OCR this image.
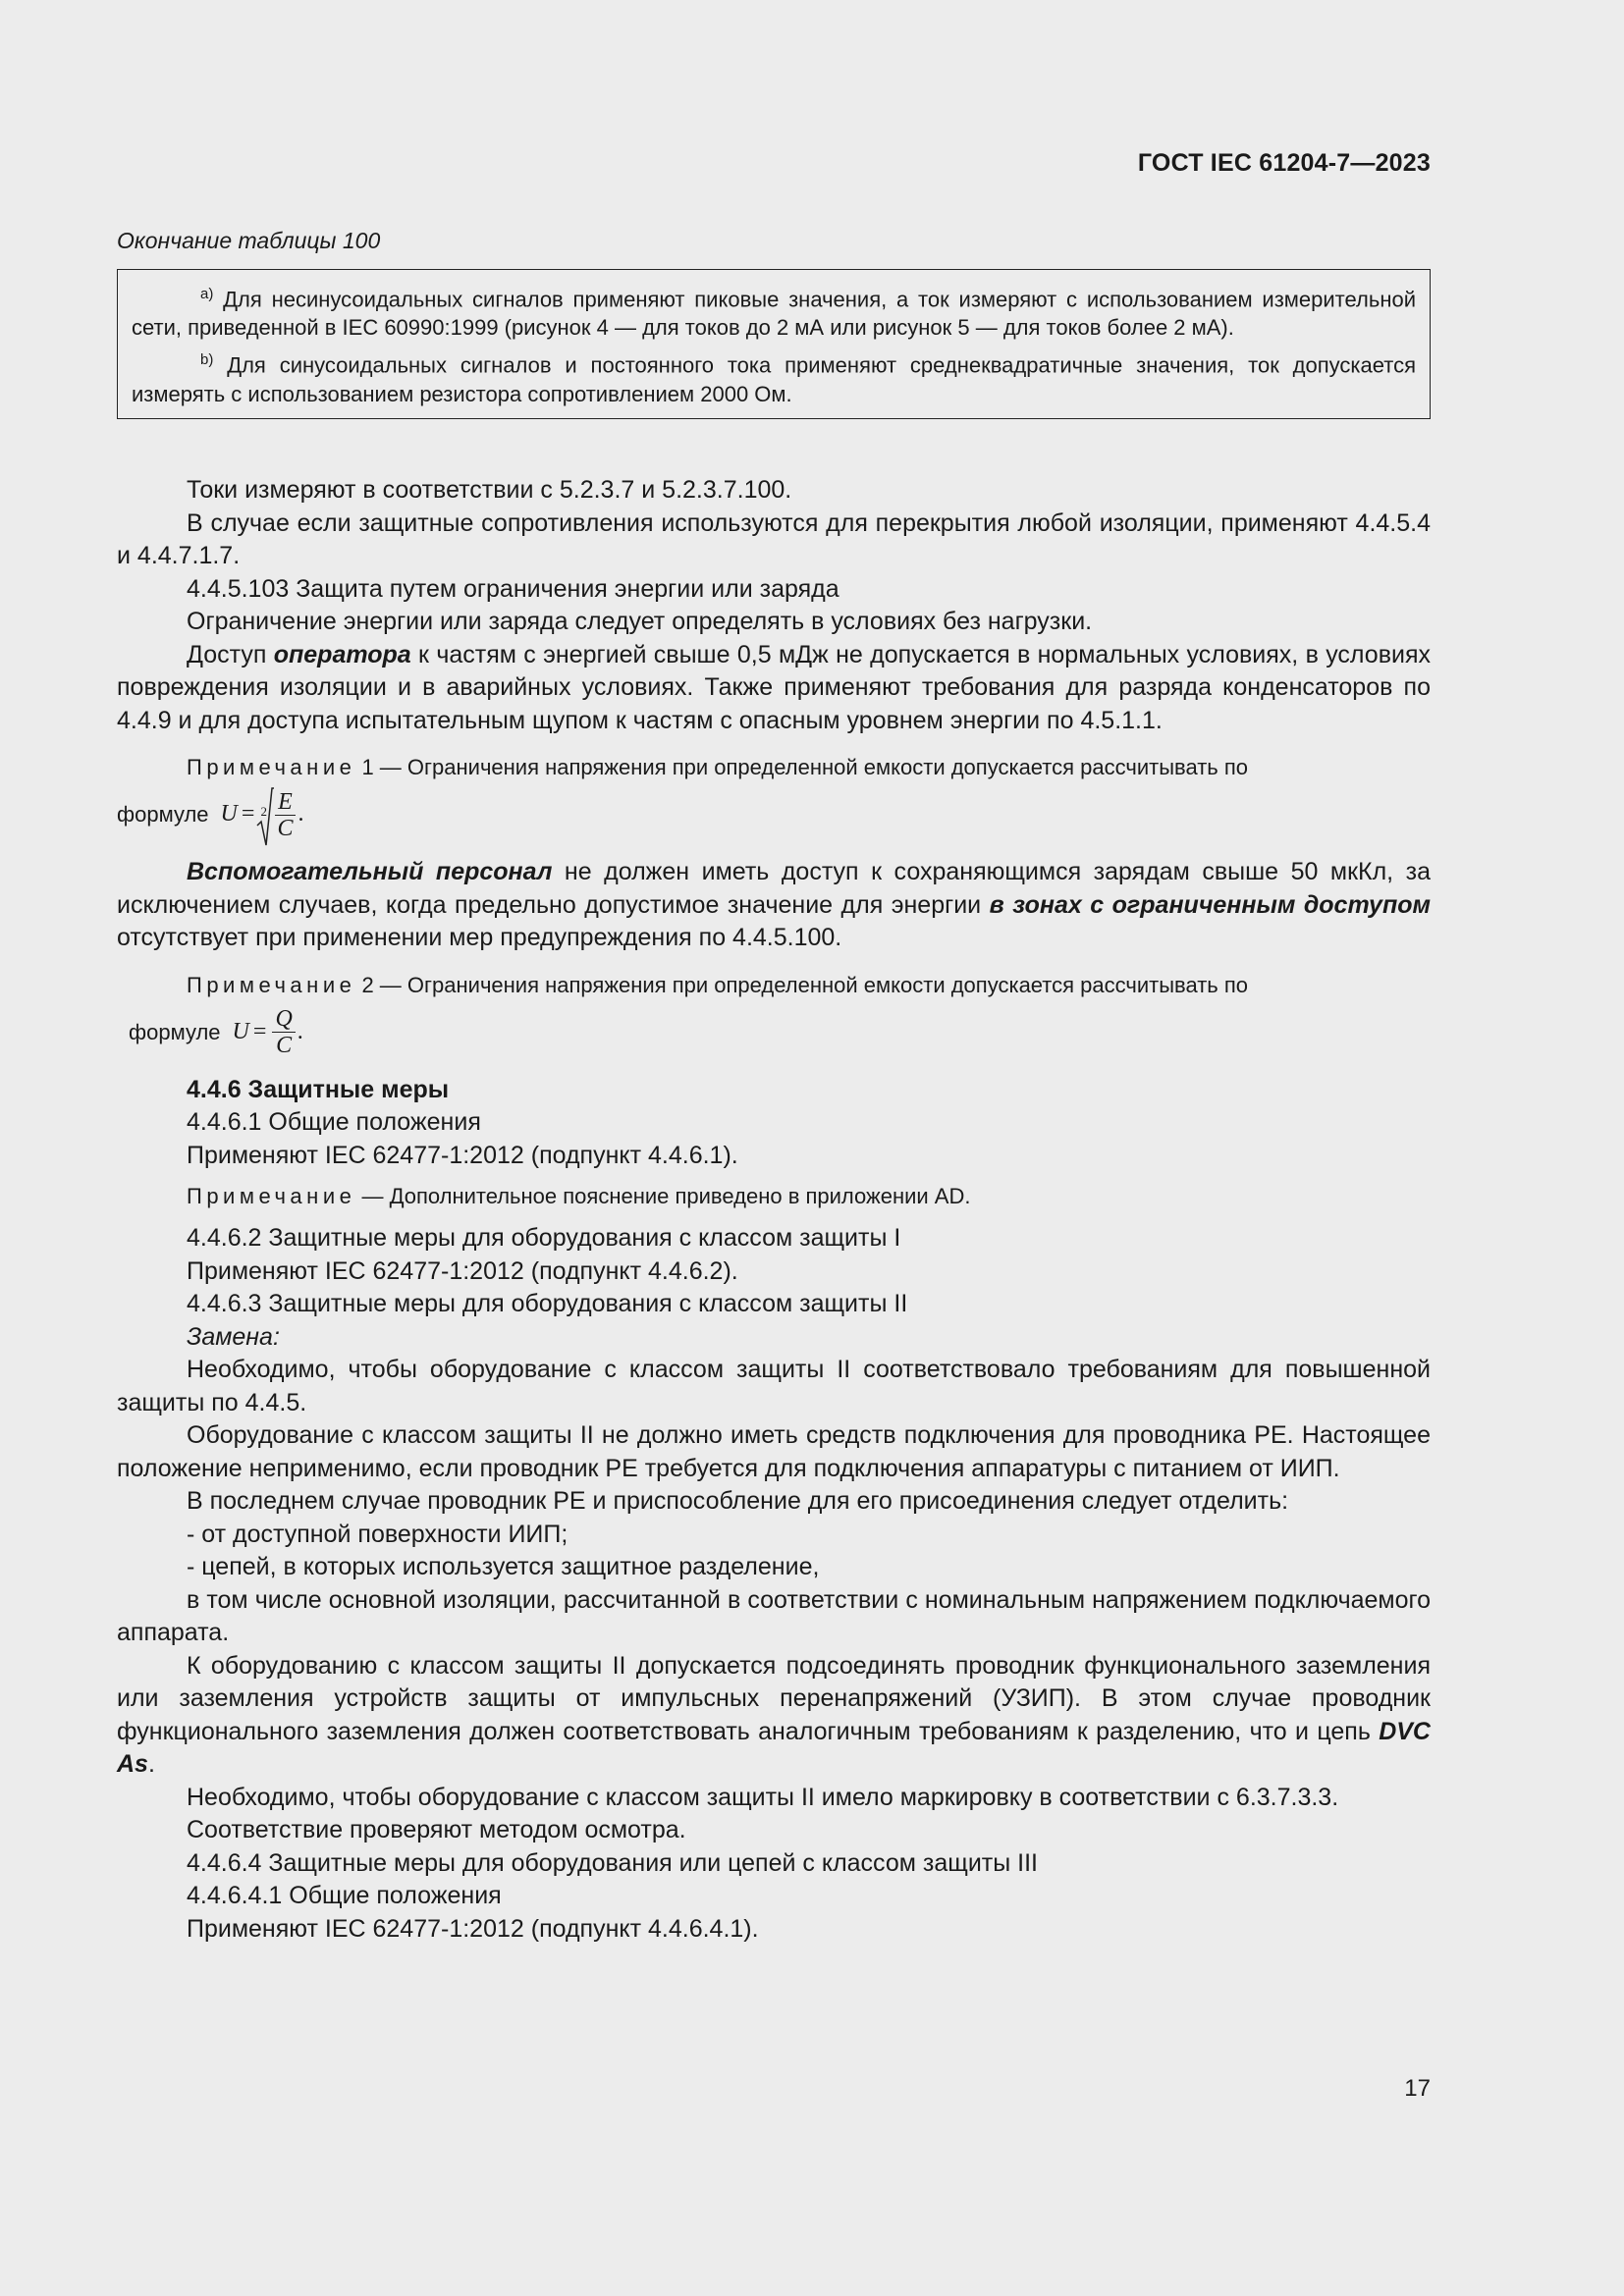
ГОСТ IEC 61204-7—2023
Окончание таблицы 100

$^{a)}$ Для несинусоидальных сигналов применяют пиковые значения, а ток измеряют с использованием измерительной сети, приведенной в IEC 60990:1999 (рисунок 4 — для токов до 2 мА или рисунок 5 — для токов более 2 мА).

$^{b)}$ Для синусоидальных сигналов и постоянного тока применяют среднеквадратичные значения, ток допускается измерять с использованием резистора сопротивлением 2000 Ом.

Токи измеряют в соответствии с 5.2.3.7 и 5.2.3.7.100.

В случае если защитные сопротивления используются для перекрытия любой изоляции, применяют 4.4.5.4 и 4.4.7.1.7.

4.4.5.103 Защита путем ограничения энергии или заряда

Ограничение энергии или заряда следует определять в условиях без нагрузки.

Доступ оператора к частям с энергией свыше 0,5 мДж не допускается в нормальных условиях, в условиях повреждения изоляции и в аварийных условиях. Также применяют требования для разряда конденсаторов по 4.4.9 и для доступа испытательным щупом к частям с опасным уровнем энергии по 4.5.1.1.

Примечание 1 — Ограничения напряжения при определенной емкости допускается рассчитывать по

формуле $U = 2 \frac{E}{C}$ .

Вспомогательный персонал не должен иметь доступ к сохраняющимся зарядам свыше 50 мкКл, за исключением случаев, когда предельно допустимое значение для энергии в зонах с ограниченным доступом отсутствует при применении мер предупреждения по 4.4.5.100.

Примечание 2 — Ограничения напряжения при определенной емкости допускается рассчитывать по

формуле $U = \frac{Q}{C}$ .

4.4.6 Защитные меры

4.4.6.1 Общие положения

Применяют IEC 62477-1:2012 (подпункт 4.4.6.1).

Примечание — Дополнительное пояснение приведено в приложении AD.

4.4.6.2 Защитные меры для оборудования с классом защиты I

Применяют IEC 62477-1:2012 (подпункт 4.4.6.2).

4.4.6.3 Защитные меры для оборудования с классом защиты II

Замена:

Необходимо, чтобы оборудование с классом защиты II соответствовало требованиям для повышенной защиты по 4.4.5.

Оборудование с классом защиты II не должно иметь средств подключения для проводника PE. Настоящее положение неприменимо, если проводник PE требуется для подключения аппаратуры с питанием от ИИП.

В последнем случае проводник PE и приспособление для его присоединения следует отделить:

- от доступной поверхности ИИП;

- цепей, в которых используется защитное разделение,

в том числе основной изоляции, рассчитанной в соответствии с номинальным напряжением подключаемого аппарата.

К оборудованию с классом защиты II допускается подсоединять проводник функционального заземления или заземления устройств защиты от импульсных перенапряжений (УЗИП). В этом случае проводник функционального заземления должен соответствовать аналогичным требованиям к разделению, что и цепь DVC As.

Необходимо, чтобы оборудование с классом защиты II имело маркировку в соответствии с 6.3.7.3.3.

Соответствие проверяют методом осмотра.

4.4.6.4 Защитные меры для оборудования или цепей с классом защиты III

4.4.6.4.1 Общие положения

Применяют IEC 62477-1:2012 (подпункт 4.4.6.4.1).

17
